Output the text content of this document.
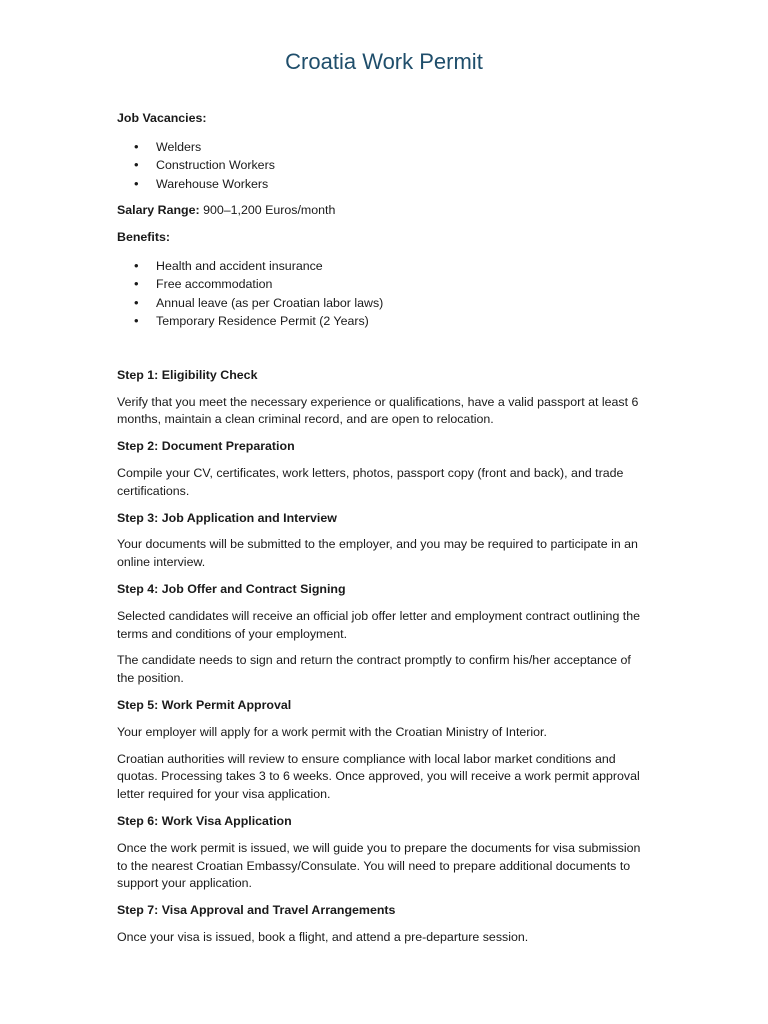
Croatia Work Permit

Job Vacancies:

• Welders
• Construction Workers
• Warehouse Workers

Salary Range: 900–1,200 Euros/month

Benefits:

• Health and accident insurance
• Free accommodation
• Annual leave (as per Croatian labor laws)
• Temporary Residence Permit (2 Years)

Step 1: Eligibility Check

Verify that you meet the necessary experience or qualifications, have a valid passport at least 6 months, maintain a clean criminal record, and are open to relocation.

Step 2: Document Preparation

Compile your CV, certificates, work letters, photos, passport copy (front and back), and trade certifications.

Step 3: Job Application and Interview

Your documents will be submitted to the employer, and you may be required to participate in an online interview.

Step 4: Job Offer and Contract Signing

Selected candidates will receive an official job offer letter and employment contract outlining the terms and conditions of your employment.

The candidate needs to sign and return the contract promptly to confirm his/her acceptance of the position.

Step 5: Work Permit Approval

Your employer will apply for a work permit with the Croatian Ministry of Interior.

Croatian authorities will review to ensure compliance with local labor market conditions and quotas. Processing takes 3 to 6 weeks. Once approved, you will receive a work permit approval letter required for your visa application.

Step 6: Work Visa Application

Once the work permit is issued, we will guide you to prepare the documents for visa submission to the nearest Croatian Embassy/Consulate. You will need to prepare additional documents to support your application.

Step 7: Visa Approval and Travel Arrangements

Once your visa is issued, book a flight, and attend a pre-departure session.
